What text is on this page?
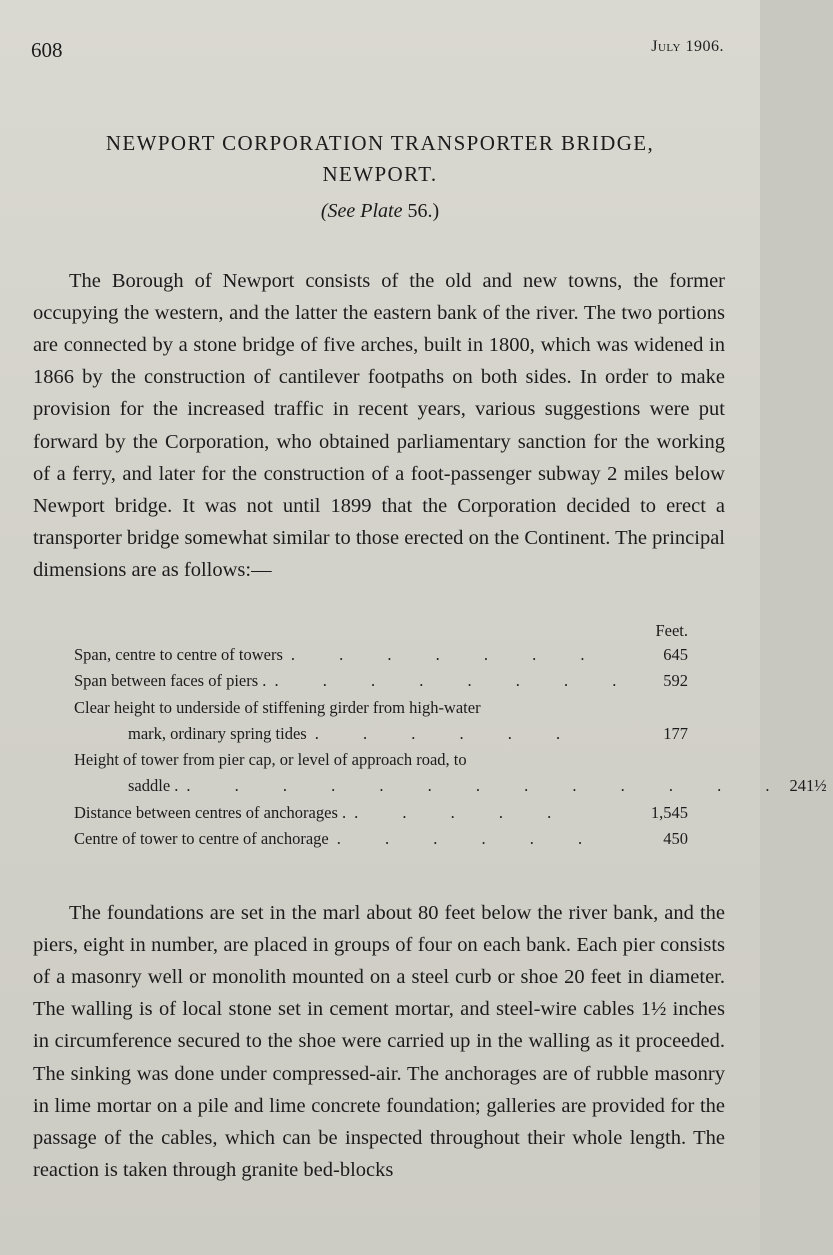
608	July 1906.
NEWPORT CORPORATION TRANSPORTER BRIDGE,
NEWPORT.
(See Plate 56.)

The Borough of Newport consists of the old and new towns, the former occupying the western, and the latter the eastern bank of the river. The two portions are connected by a stone bridge of five arches, built in 1800, which was widened in 1866 by the construction of cantilever footpaths on both sides. In order to make provision for the increased traffic in recent years, various suggestions were put forward by the Corporation, who obtained parliamentary sanction for the working of a ferry, and later for the construction of a foot-passenger subway 2 miles below Newport bridge. It was not until 1899 that the Corporation decided to erect a transporter bridge somewhat similar to those erected on the Continent. The principal dimensions are as follows:—

Feet.
Span, centre to centre of towers . . . . . . .	645
Span between faces of piers . . . . . . . . .	592
Clear height to underside of stiffening girder from high-water
mark, ordinary spring tides . . . . . .	177
Height of tower from pier cap, or level of approach road, to
saddle . . . . . . . . . . . . . . 241½
Distance between centres of anchorages . . . . . .	1,545
Centre of tower to centre of anchorage . . . . . .	450

The foundations are set in the marl about 80 feet below the river bank, and the piers, eight in number, are placed in groups of four on each bank. Each pier consists of a masonry well or monolith mounted on a steel curb or shoe 20 feet in diameter. The walling is of local stone set in cement mortar, and steel-wire cables 1½ inches in circumference secured to the shoe were carried up in the walling as it proceeded. The sinking was done under compressed-air. The anchorages are of rubble masonry in lime mortar on a pile and lime concrete foundation; galleries are provided for the passage of the cables, which can be inspected throughout their whole length. The reaction is taken through granite bed-blocks
